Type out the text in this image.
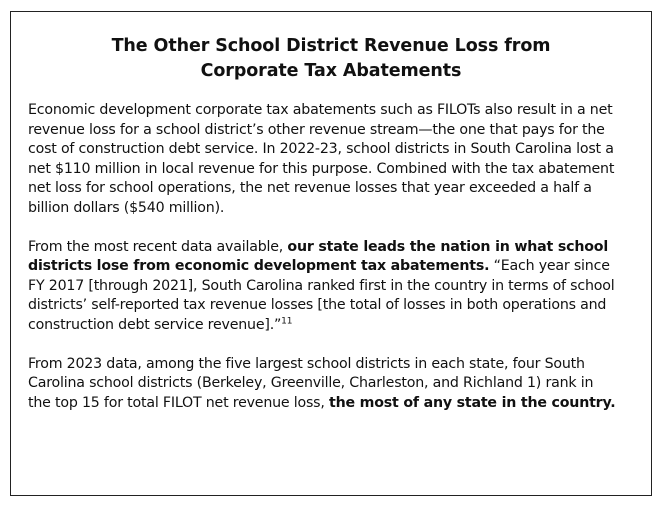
The Other School District Revenue Loss from
Corporate Tax Abatements

Economic development corporate tax abatements such as FILOTs also result in a net revenue loss for a school district’s other revenue stream—the one that pays for the cost of construction debt service. In 2022-23, school districts in South Carolina lost a net $110 million in local revenue for this purpose. Combined with the tax abatement net loss for school operations, the net revenue losses that year exceeded a half a billion dollars ($540 million).

From the most recent data available, our state leads the nation in what school districts lose from economic development tax abatements. “Each year since FY 2017 [through 2021], South Carolina ranked first in the country in terms of school districts’ self-reported tax revenue losses [the total of losses in both operations and construction debt service revenue].”$^{11}$

From 2023 data, among the five largest school districts in each state, four South Carolina school districts (Berkeley, Greenville, Charleston, and Richland 1) rank in the top 15 for total FILOT net revenue loss, the most of any state in the country.
